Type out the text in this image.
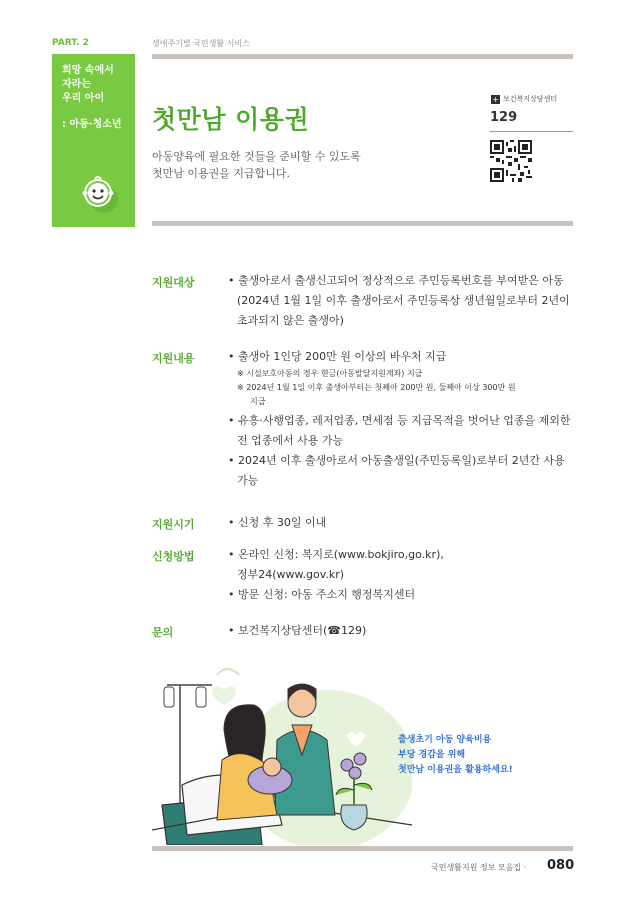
PART. 2	생애주기별 국민생활 서비스
희망 속에서
자라는
우리 아이
: 아동·청소년 첫만남 이용권
아동양육에 필요한 것들을 준비할 수 있도록
첫만남 이용권을 지급합니다.
+ 보건복지상담센터
129
지원대상	• 출생아로서 출생신고되어 정상적으로 주민등록번호를 부여받은 아동
(2024년 1월 1일 이후 출생아로서 주민등록상 생년월일로부터 2년이
초과되지 않은 출생아)
지원내용	• 출생아 1인당 200만 원 이상의 바우처 지급
※ 시설보호아동의 경우 현금(아동발달지원계좌) 지급
※ 2024년 1월 1일 이후 출생아부터는 첫째아 200만 원, 둘째아 이상 300만 원
지급
• 유흥·사행업종, 레저업종, 면세점 등 지급목적을 벗어난 업종을 제외한
전 업종에서 사용 가능
• 2024년 이후 출생아로서 아동출생일(주민등록일)로부터 2년간 사용
가능
지원시기	• 신청 후 30일 이내
신청방법	• 온라인 신청: 복지로(www.bokjiro,go.kr),
정부24(www.gov.kr)
• 방문 신청: 아동 주소지 행정복지센터
문의	• 보건복지상담센터(☎129)
출생초기 아동 양육비용
부당 경감을 위해
첫만남 이용권을 활용하세요!
국민생활지원 정보 모음집 · 080
